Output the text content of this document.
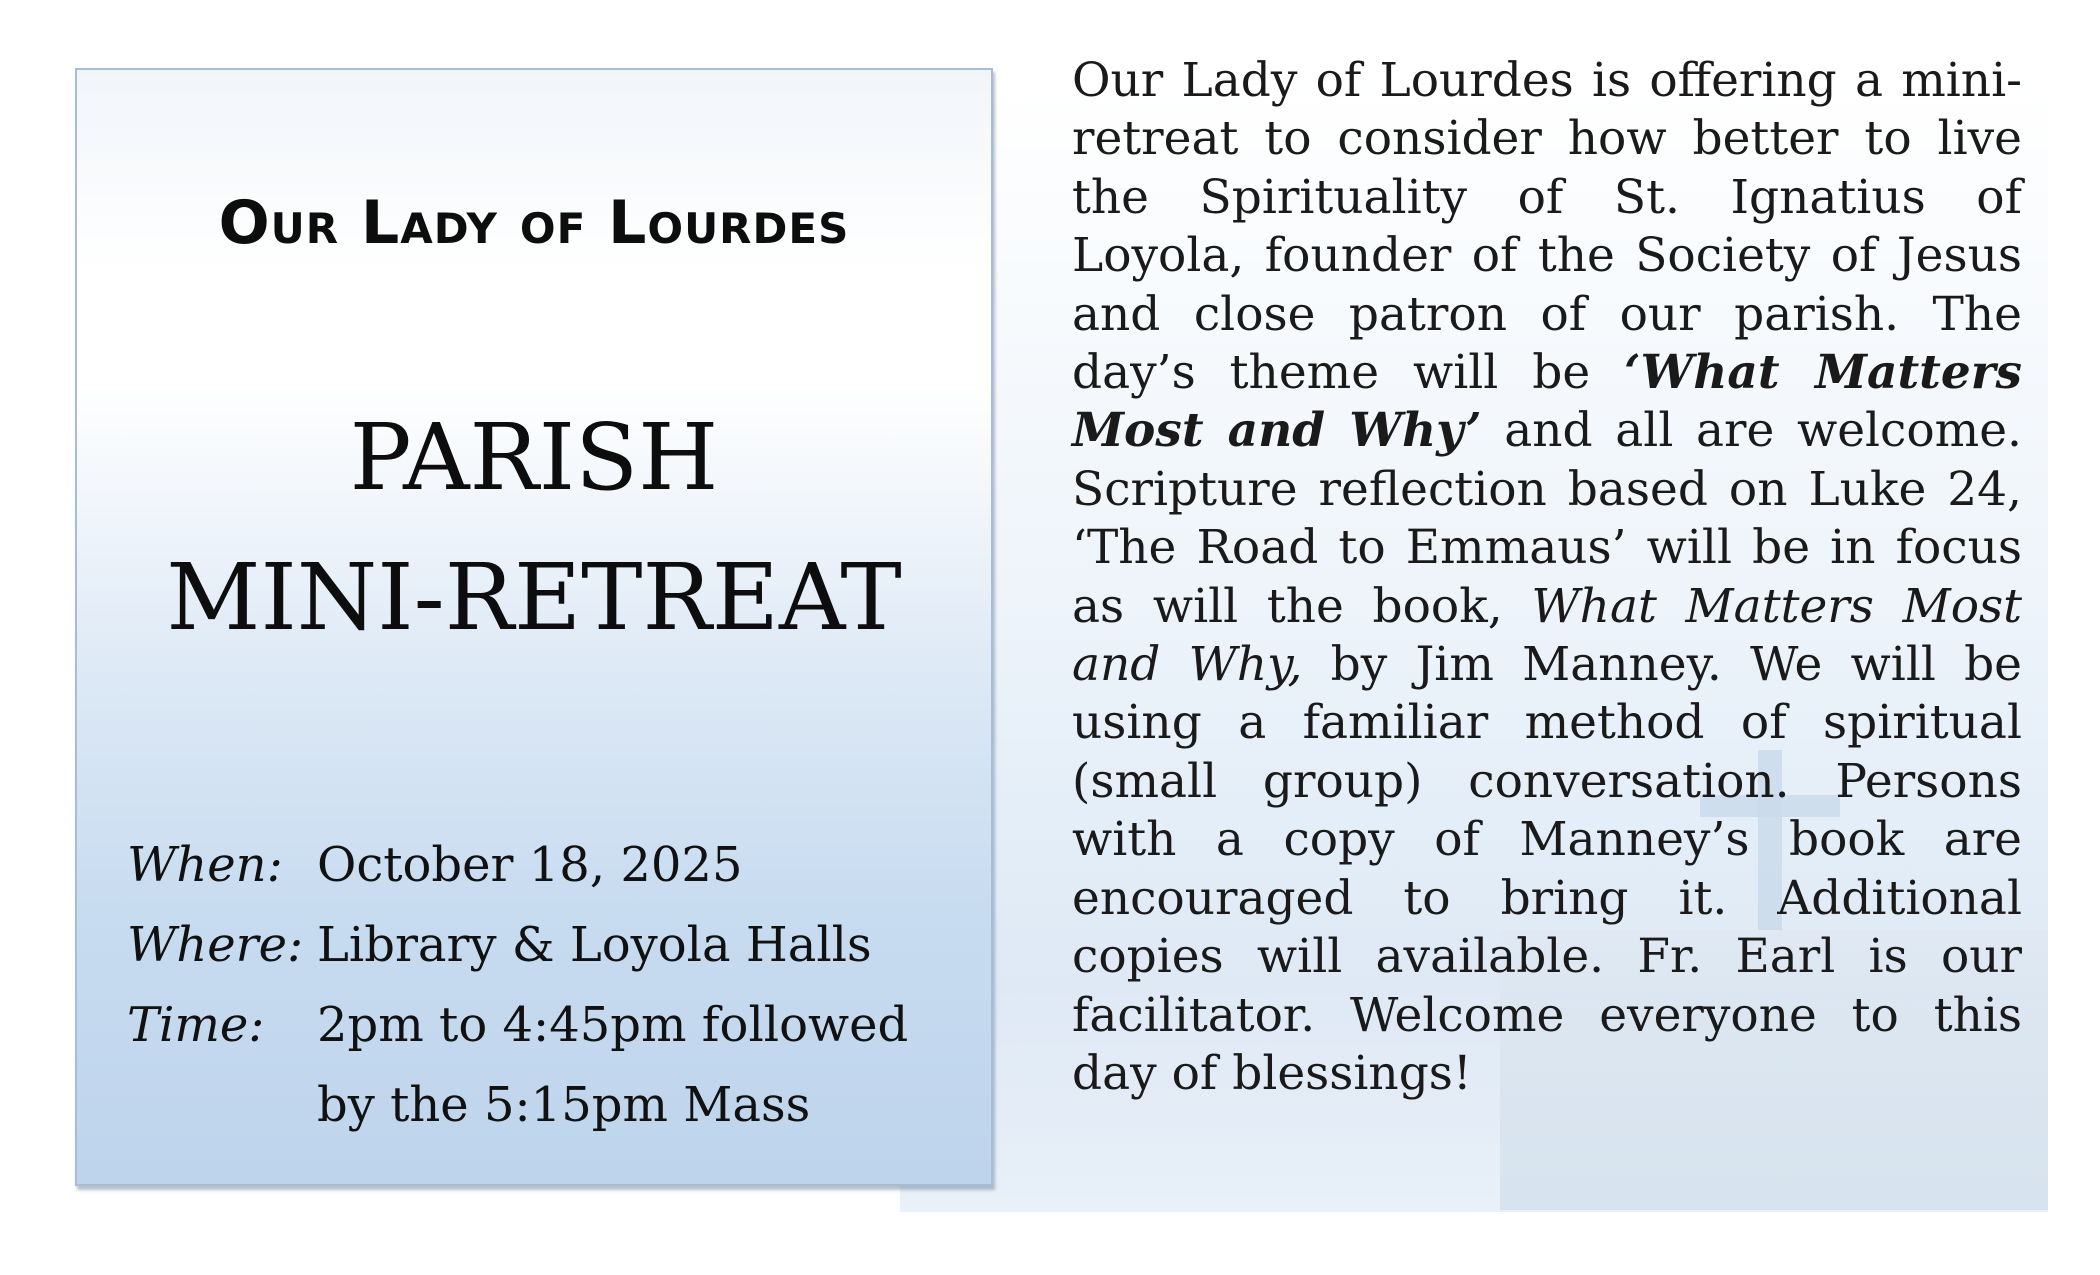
Our Lady of Lourdes
PARISH
MINI-RETREAT
When: October 18, 2025
Where: Library & Loyola Halls
Time:	2pm to 4:45pm followed
by the 5:15pm Mass

Our Lady of Lourdes is offering a mini-retreat to consider how better to live the Spirituality of St. Ignatius of Loyola, founder of the Society of Jesus and close patron of our parish. The day’s theme will be ‘What Matters Most and Why’ and all are welcome. Scripture reflection based on Luke 24, ‘The Road to Emmaus’ will be in focus as will the book, What Matters Most and Why, by Jim Manney. We will be using a familiar method of spiritual (small group) conversation. Persons with a copy of Manney’s book are encouraged to bring it. Additional copies will available. Fr. Earl is our facilitator. Welcome everyone to this day of blessings!
